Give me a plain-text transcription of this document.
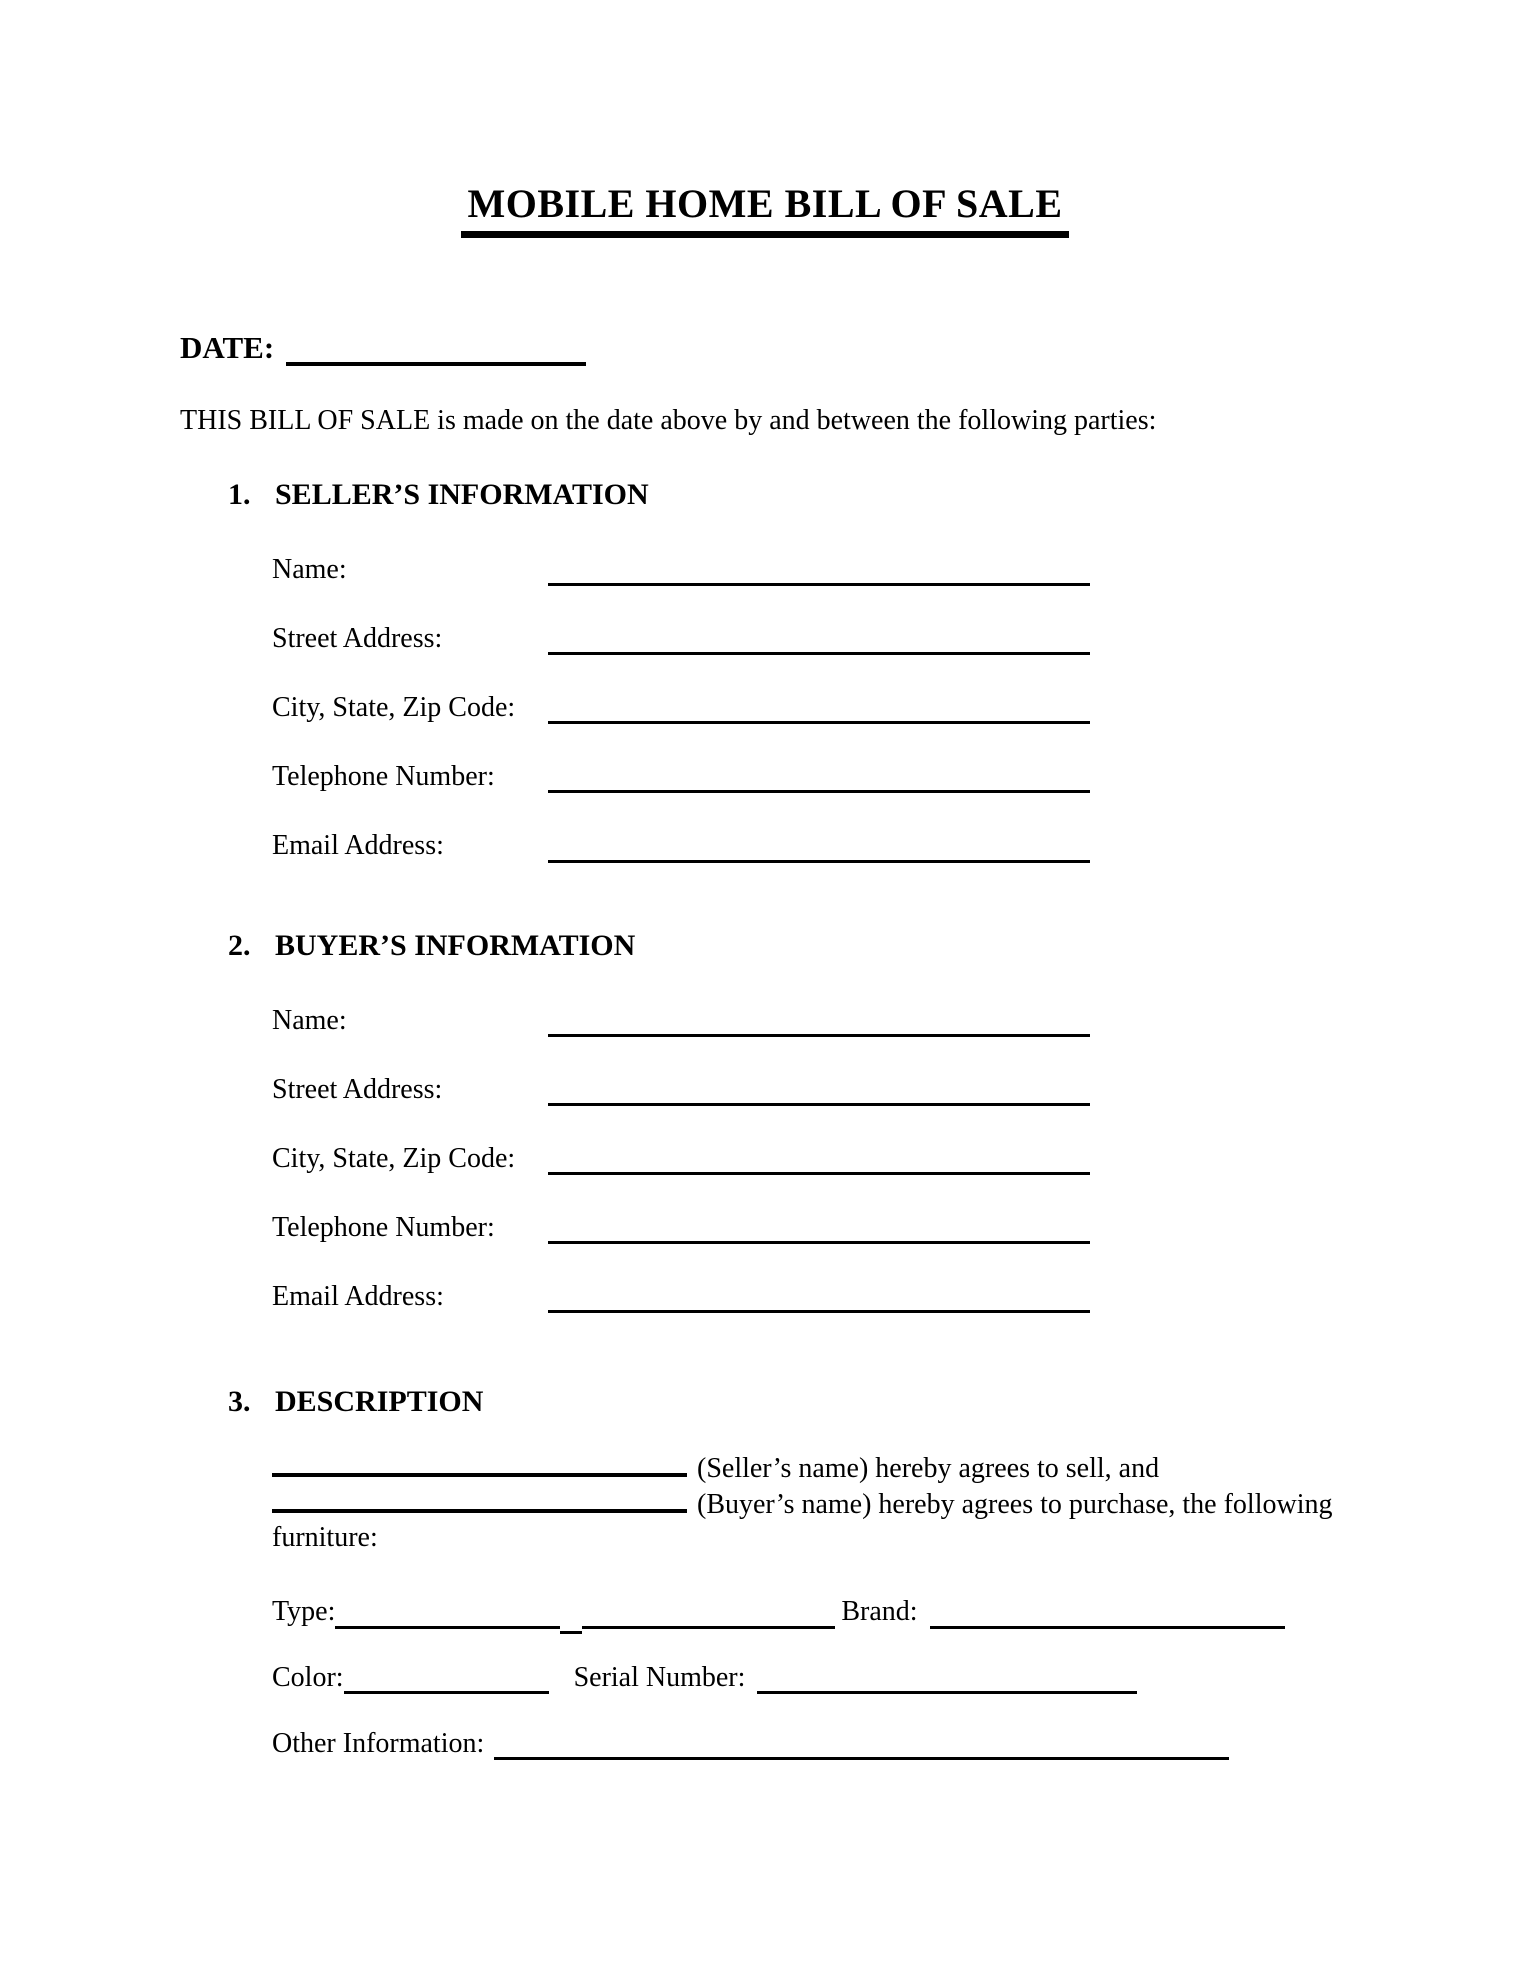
MOBILE HOME BILL OF SALE
DATE:

THIS BILL OF SALE is made on the date above by and between the following parties:

1. SELLER’S INFORMATION
Name:
Street Address:
City, State, Zip Code:
Telephone Number:
Email Address:
2. BUYER’S INFORMATION
Name:
Street Address:
City, State, Zip Code:
Telephone Number:
Email Address:
3. DESCRIPTION
(Seller’s name) hereby agrees to sell, and
(Buyer’s name) hereby agrees to purchase, the following
furniture:
Type:	Brand:
Color:	Serial Number:
Other Information:
